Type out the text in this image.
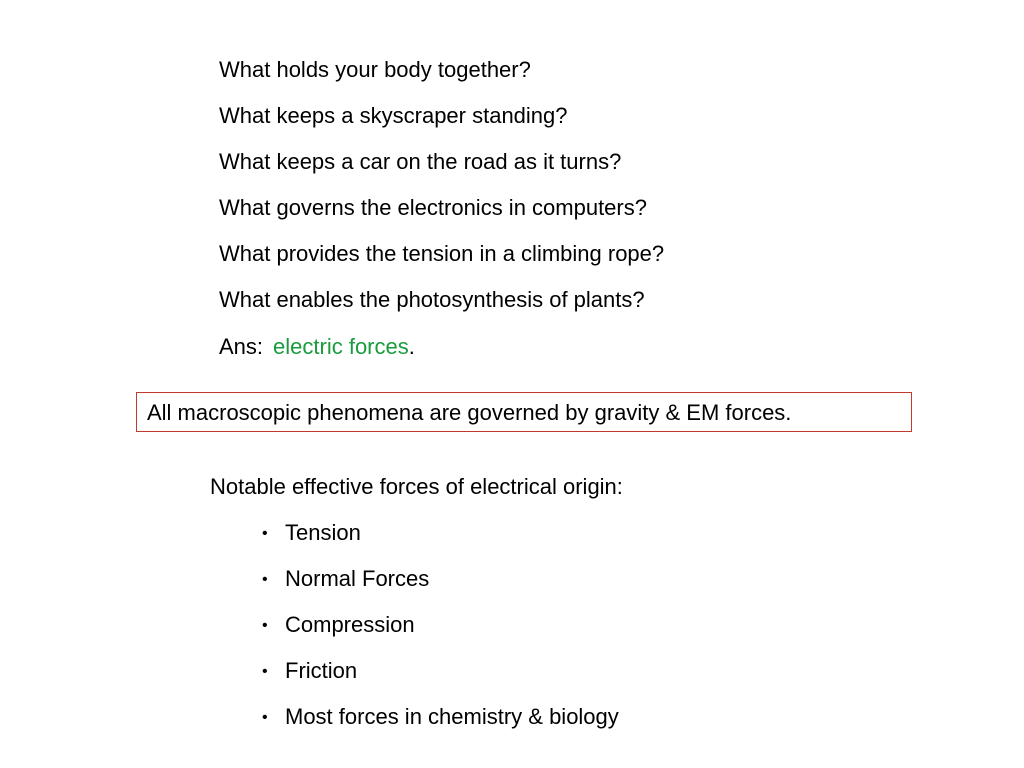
What holds your body together?
What keeps a skyscraper standing?
What keeps a car on the road as it turns?
What governs the electronics in computers?
What provides the tension in a climbing rope?
What enables the photosynthesis of plants?
Ans: electric forces.
All macroscopic phenomena are governed by gravity & EM forces.
Notable effective forces of electrical origin:
• Tension
• Normal Forces
• Compression
• Friction
• Most forces in chemistry & biology
